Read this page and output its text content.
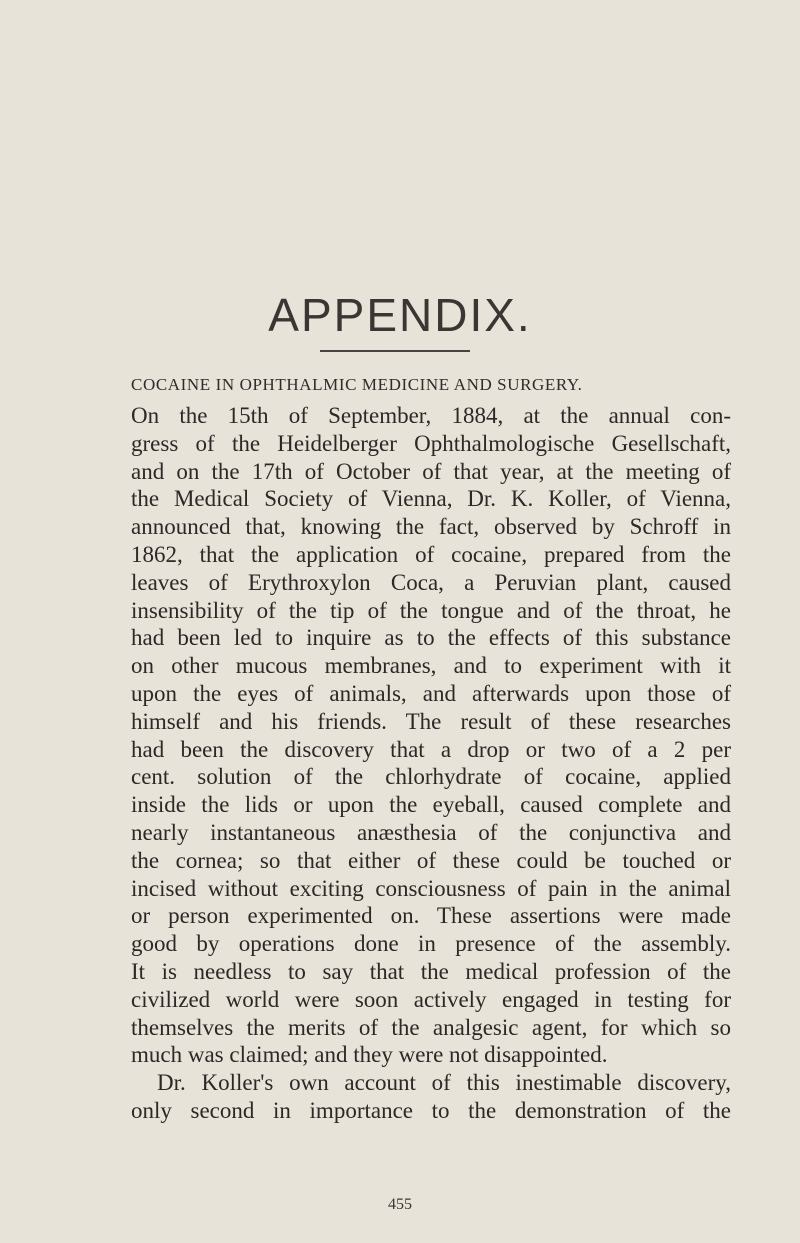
APPENDIX.
COCAINE IN OPHTHALMIC MEDICINE AND SURGERY.
On the 15th of September, 1884, at the annual con-
gress of the Heidelberger Ophthalmologische Gesellschaft,
and on the 17th of October of that year, at the meeting of
the Medical Society of Vienna, Dr. K. Koller, of Vienna,
announced that, knowing the fact, observed by Schroff in
1862, that the application of cocaine, prepared from the
leaves of Erythroxylon Coca, a Peruvian plant, caused
insensibility of the tip of the tongue and of the throat, he
had been led to inquire as to the effects of this substance
on other mucous membranes, and to experiment with it
upon the eyes of animals, and afterwards upon those of
himself and his friends. The result of these researches
had been the discovery that a drop or two of a 2 per
cent. solution of the chlorhydrate of cocaine, applied
inside the lids or upon the eyeball, caused complete and
nearly instantaneous anæsthesia of the conjunctiva and
the cornea; so that either of these could be touched or
incised without exciting consciousness of pain in the animal
or person experimented on. These assertions were made
good by operations done in presence of the assembly.
It is needless to say that the medical profession of the
civilized world were soon actively engaged in testing for
themselves the merits of the analgesic agent, for which so
much was claimed; and they were not disappointed.
Dr. Koller's own account of this inestimable discovery,
only second in importance to the demonstration of the
455
